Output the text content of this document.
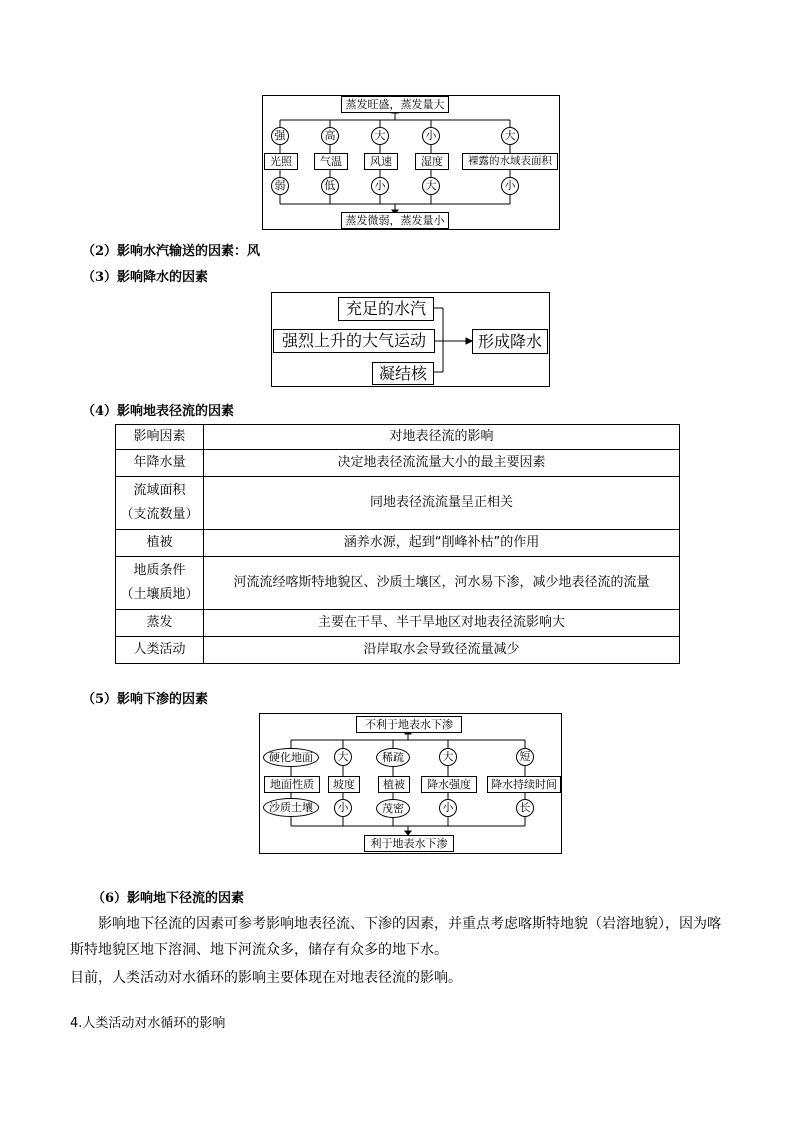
蒸发旺盛，蒸发量大
蒸发微弱，蒸发量小
强
光照
弱
高
气温
低
大
风速
小
小
湿度
大
大
裸露的水域表面积
小
（2）影响水汽输送的因素：风
（3）影响降水的因素
充足的水汽
强烈上升的大气运动
凝结核
形成降水
（4）影响地表径流的因素
影响因素	对地表径流的影响
年降水量	决定地表径流流量大小的最主要因素

流域面积
（支流数量）	同地表径流流量呈正相关
植被	涵养水源，起到“削峰补枯”的作用

地质条件
（土壤质地）	河流流经喀斯特地貌区、沙质土壤区，河水易下渗，减少地表径流的流量
蒸发	主要在干旱、半干旱地区对地表径流影响大
人类活动	沿岸取水会导致径流量减少
（5）影响下渗的因素
不利于地表水下渗
利于地表水下渗
硬化地面
地面性质
沙质土壤
大
坡度
小
稀疏
植被
茂密
大
降水强度
小
短
降水持续时间
长
（6）影响地下径流的因素
影响地下径流的因素可参考影响地表径流、下渗的因素，并重点考虑喀斯特地貌（岩溶地貌），因为喀
斯特地貌区地下溶洞、地下河流众多，储存有众多的地下水。
目前，人类活动对水循环的影响主要体现在对地表径流的影响。
4.人类活动对水循环的影响
